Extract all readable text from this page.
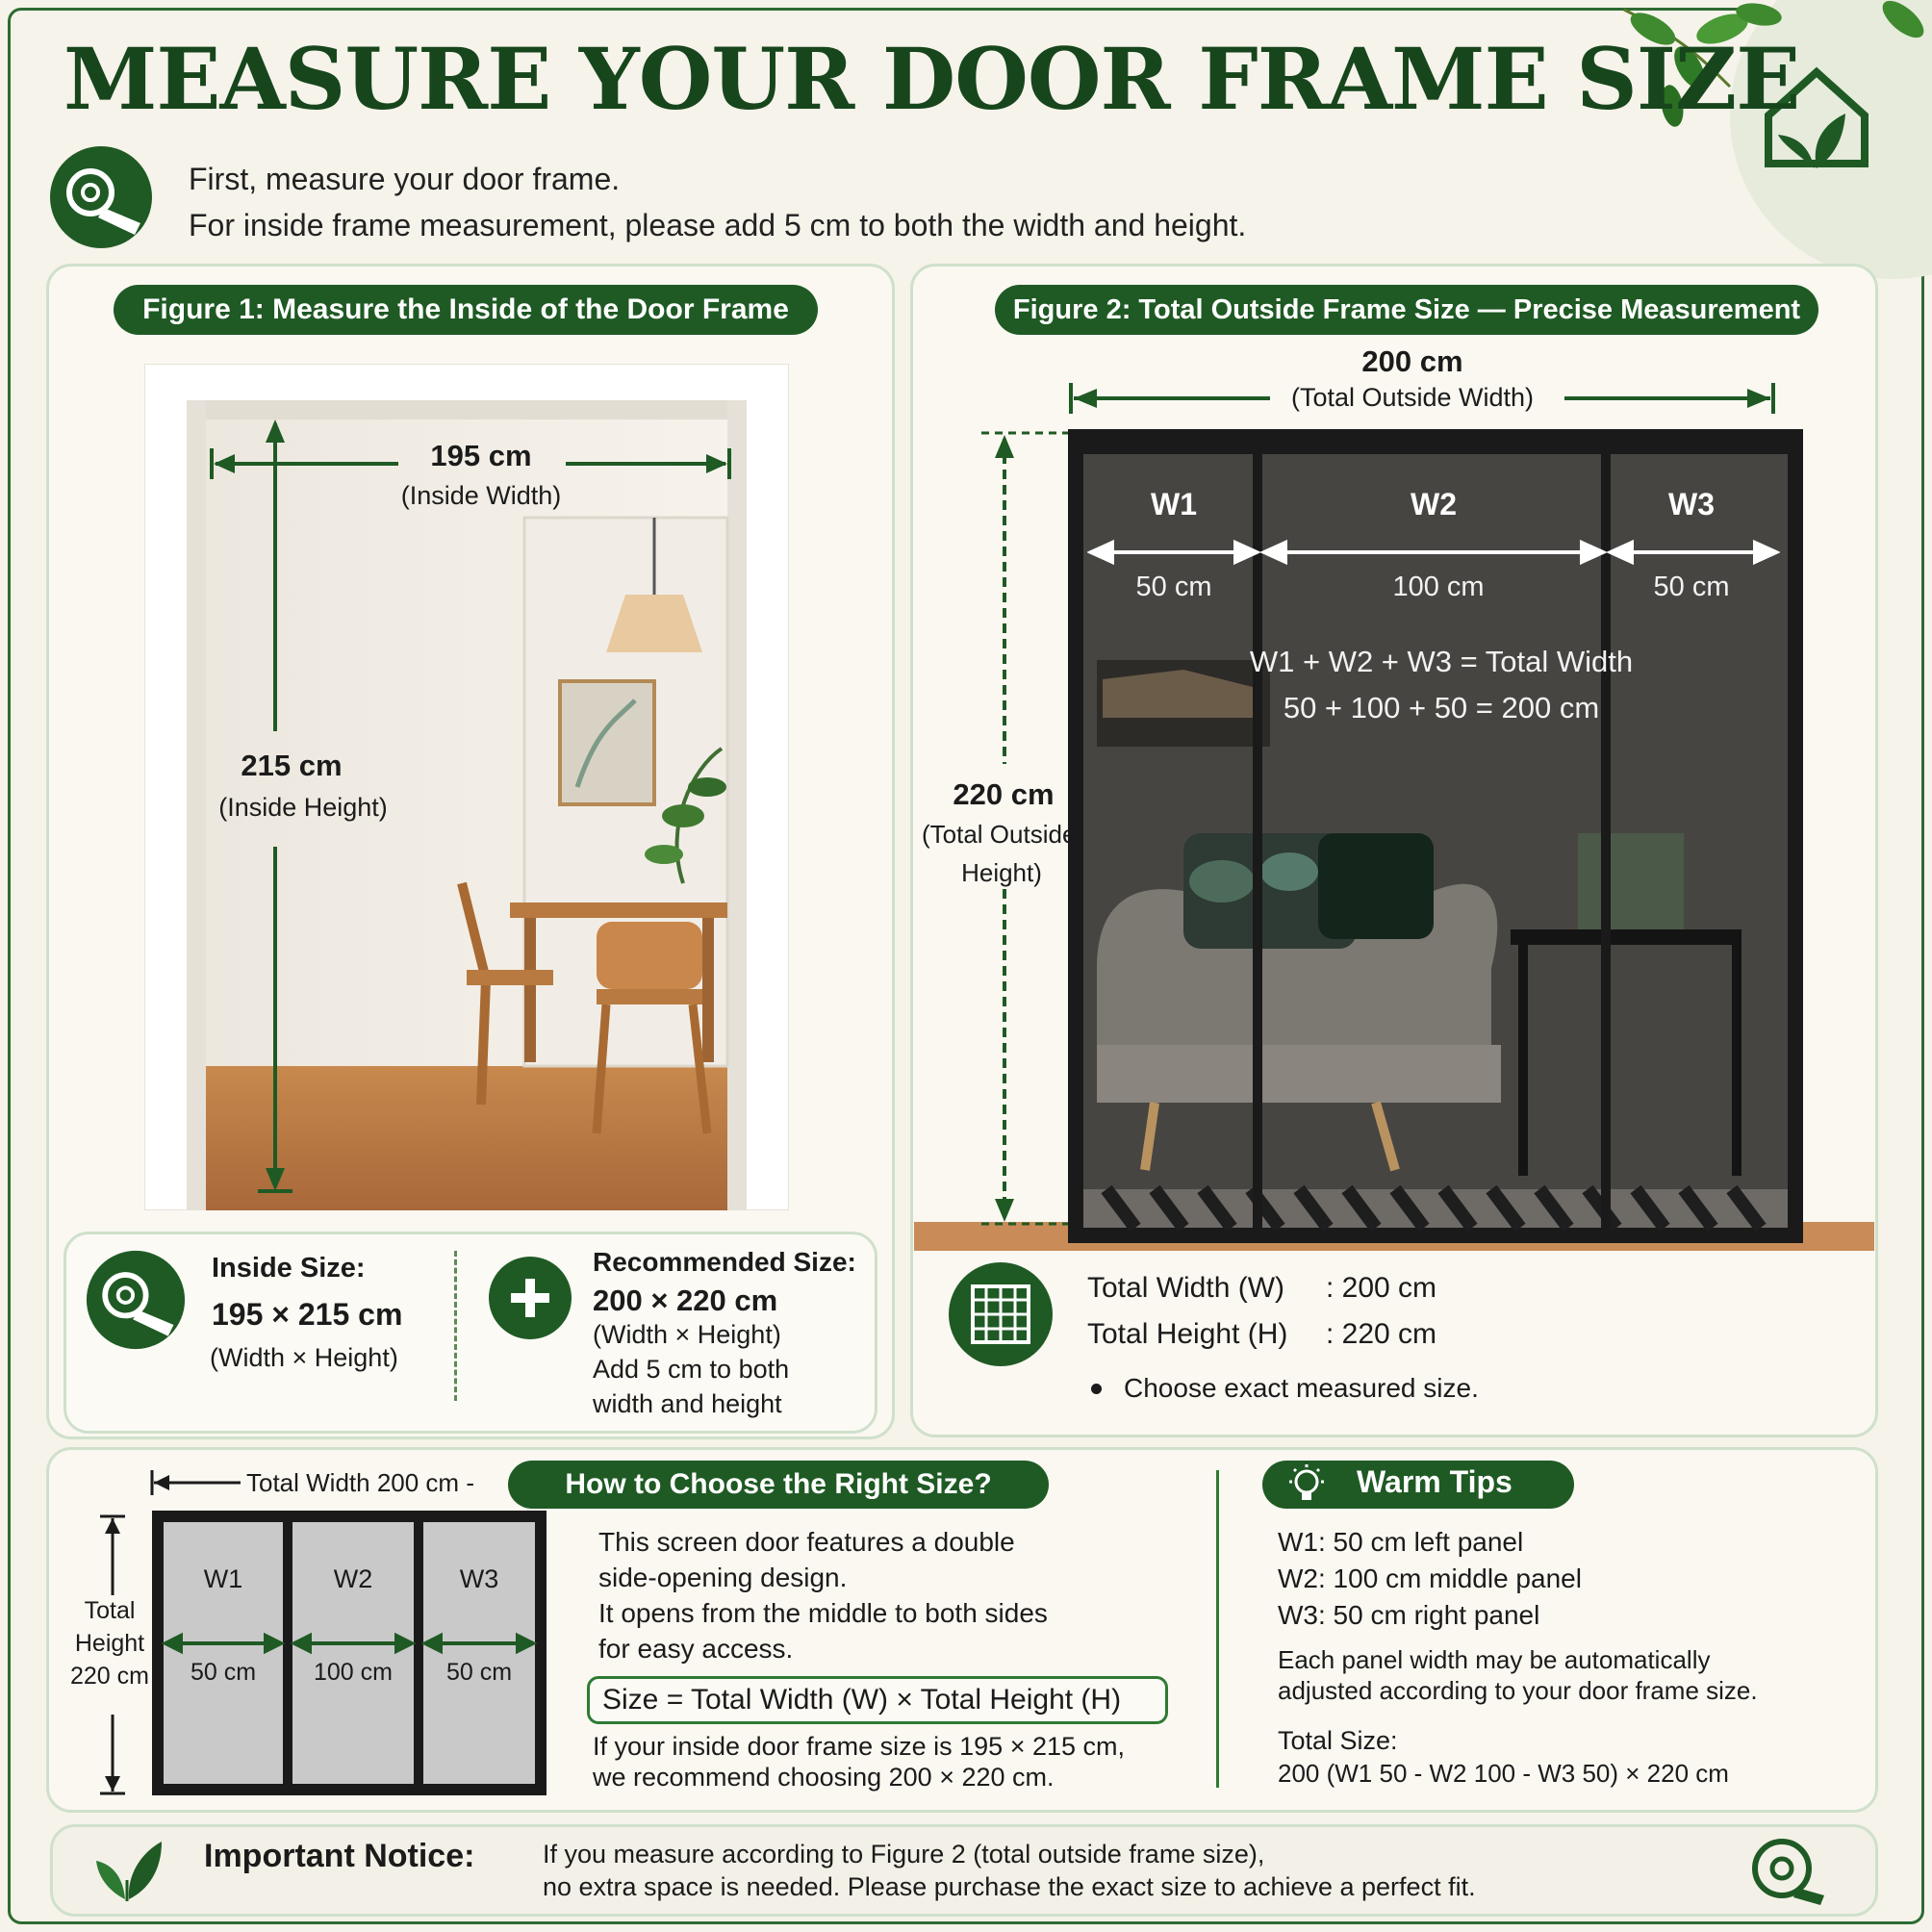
MEASURE YOUR DOOR FRAME SIZE
First, measure your door frame.
For inside frame measurement, please add 5 cm to both the width and height.
Figure 1: Measure the Inside of the Door Frame
195 cm
(Inside Width)
215 cm
(Inside Height)
Inside Size:
195 × 215 cm
(Width × Height)
Recommended Size:
200 × 220 cm
(Width × Height)
Add 5 cm to both
width and height
Figure 2: Total Outside Frame Size — Precise Measurement
200 cm
(Total Outside Width)
W1	W2	W3
50 cm	100 cm	50 cm
W1 + W2 + W3 = Total Width
50 + 100 + 50 = 200 cm
220 cm
(Total Outside
Height)
Total Width (W) : 200 cm
Total Height (H) : 220 cm
Choose exact measured size.
Total Width 200 cm -
Total
Height
220 cm
W1	W2	W3
50 cm	100 cm	50 cm
How to Choose the Right Size?
This screen door features a double
side-opening design.
It opens from the middle to both sides
for easy access.
Size = Total Width (W) × Total Height (H)
If your inside door frame size is 195 × 215 cm,
we recommend choosing 200 × 220 cm.
Warm Tips
W1: 50 cm left panel
W2: 100 cm middle panel
W3: 50 cm right panel
Each panel width may be automatically
adjusted according to your door frame size.
Total Size:
200 (W1 50 - W2 100 - W3 50) × 220 cm
Important Notice:	If you measure according to Figure 2 (total outside frame size),
no extra space is needed. Please purchase the exact size to achieve a perfect fit.
